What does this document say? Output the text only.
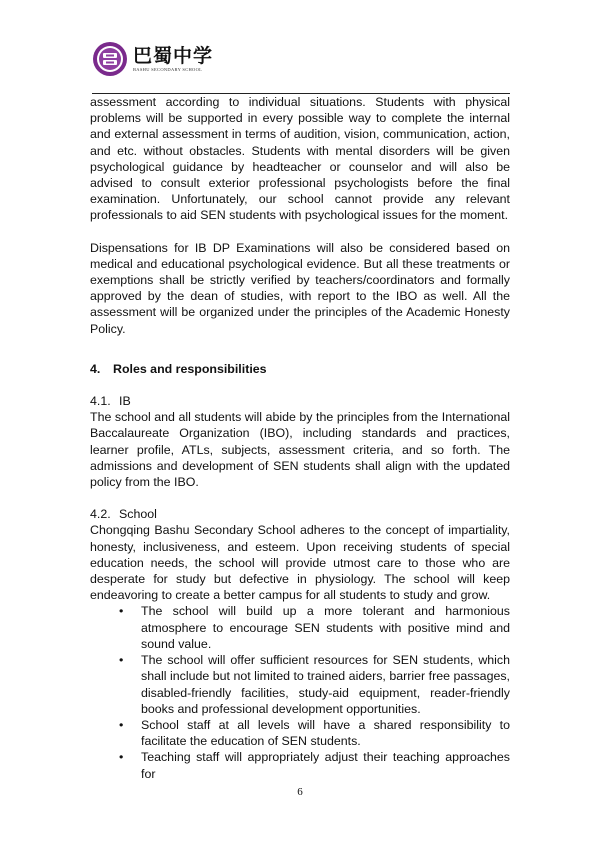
巴蜀中学
BASHU SECONDARY SCHOOL

assessment according to individual situations. Students with physical problems will be supported in every possible way to complete the internal and external assessment in terms of audition, vision, communication, action, and etc. without obstacles. Students with mental disorders will be given psychological guidance by headteacher or counselor and will also be advised to consult exterior professional psychologists before the final examination. Unfortunately, our school cannot provide any relevant professionals to aid SEN students with psychological issues for the moment.

Dispensations for IB DP Examinations will also be considered based on medical and educational psychological evidence. But all these treatments or exemptions shall be strictly verified by teachers/coordinators and formally approved by the dean of studies, with report to the IBO as well. All the assessment will be organized under the principles of the Academic Honesty Policy.

4.	Roles and responsibilities

4.1. IB

The school and all students will abide by the principles from the International Baccalaureate Organization (IBO), including standards and practices, learner profile, ATLs, subjects, assessment criteria, and so forth. The admissions and development of SEN students shall align with the updated policy from the IBO.

4.2. School

Chongqing Bashu Secondary School adheres to the concept of impartiality, honesty, inclusiveness, and esteem. Upon receiving students of special education needs, the school will provide utmost care to those who are desperate for study but defective in physiology. The school will keep endeavoring to create a better campus for all students to study and grow.

•	The school will build up a more tolerant and harmonious atmosphere to encourage SEN students with positive mind and sound value.
•	The school will offer sufficient resources for SEN students, which shall include but not limited to trained aiders, barrier free passages, disabled-friendly facilities, study-aid equipment, reader-friendly books and professional development opportunities.
•	School staff at all levels will have a shared responsibility to facilitate the education of SEN students.
•	Teaching staff will appropriately adjust their teaching approaches for
6
